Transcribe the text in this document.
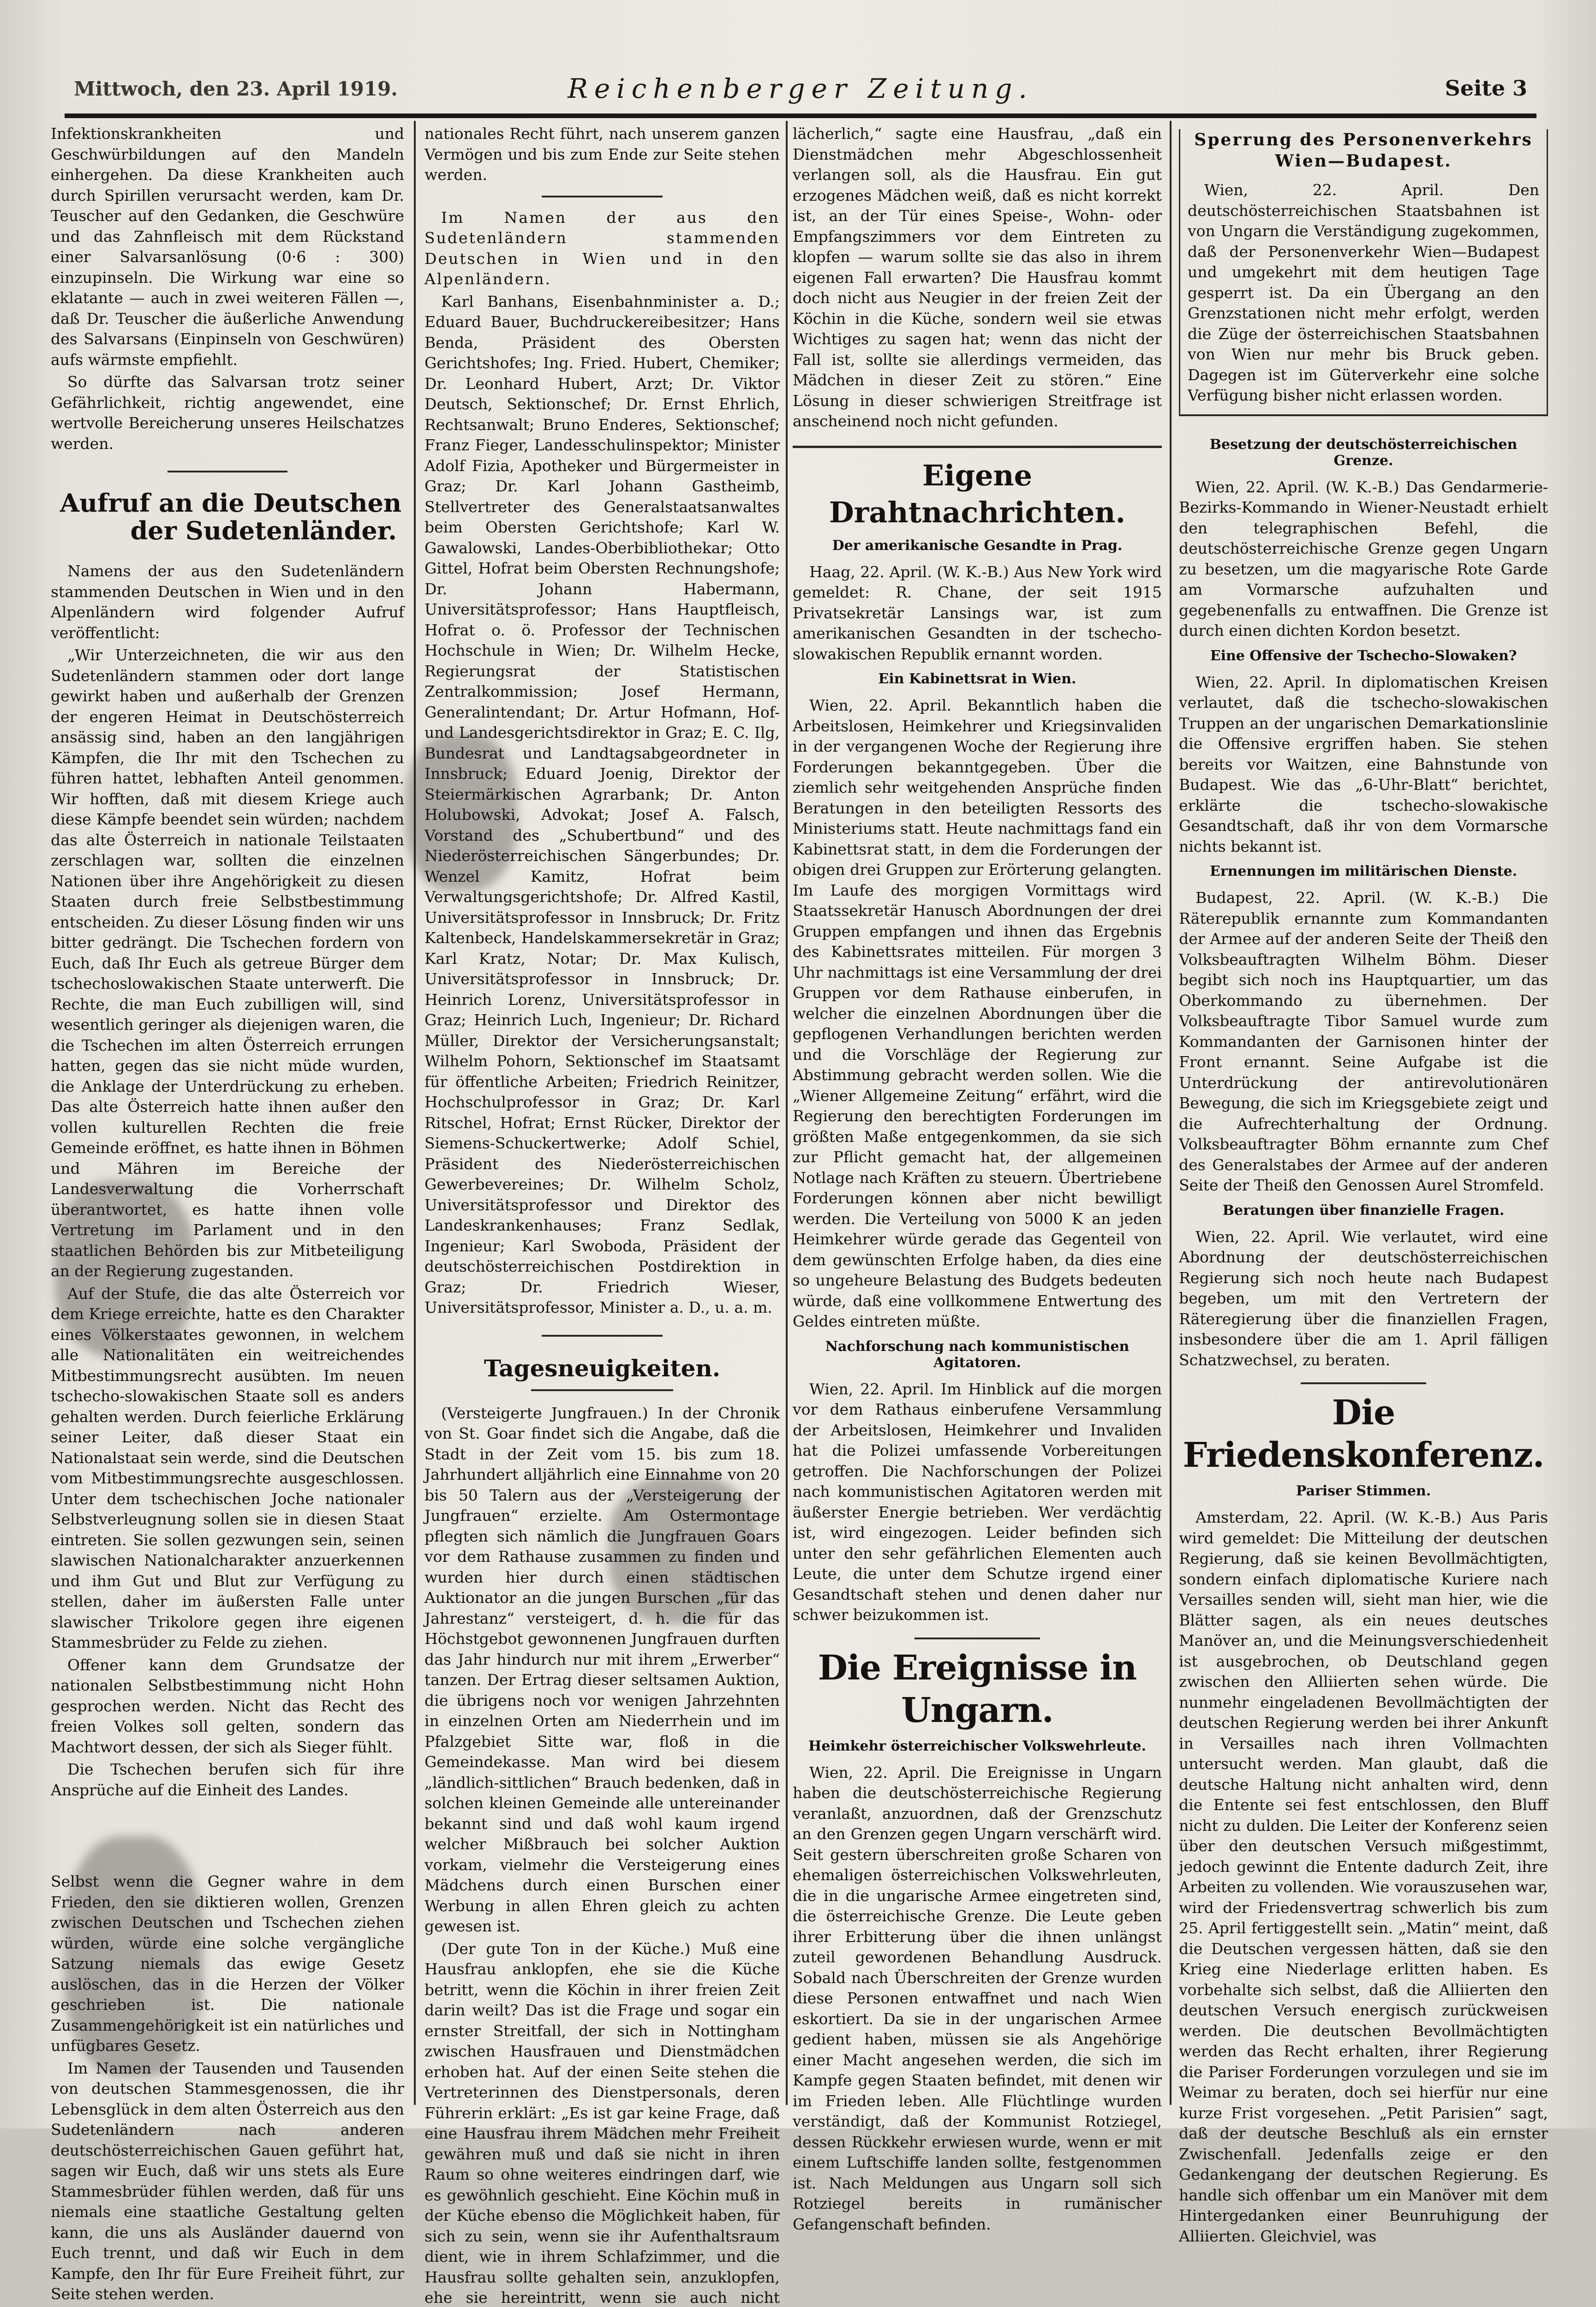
Mittwoch, den 23. April 1919.	Reichenberger Zeitung.	Seite 3

Infektionskrankheiten und Geschwürbildungen auf den Mandeln einhergehen. Da diese Krankheiten auch durch Spirillen verursacht werden, kam Dr. Teuscher auf den Gedanken, die Geschwüre und das Zahnfleisch mit dem Rückstand einer Salvarsanlösung (0·6 : 300) einzupinseln. Die Wirkung war eine so eklatante — auch in zwei weiteren Fällen —, daß Dr. Teuscher die äußerliche Anwendung des Salvarsans (Einpinseln von Geschwüren) aufs wärmste empfiehlt.

So dürfte das Salvarsan trotz seiner Gefährlichkeit, richtig angewendet, eine wertvolle Bereicherung unseres Heilschatzes werden.

Aufruf an die Deutschen
der Sudetenländer.

Namens der aus den Sudetenländern stammenden Deutschen in Wien und in den Alpenländern wird folgender Aufruf veröffentlicht:

„Wir Unterzeichneten, die wir aus den Sudetenländern stammen oder dort lange gewirkt haben und außerhalb der Grenzen der engeren Heimat in Deutschösterreich ansässig sind, haben an den langjährigen Kämpfen, die Ihr mit den Tschechen zu führen hattet, lebhaften Anteil genommen. Wir hofften, daß mit diesem Kriege auch diese Kämpfe beendet sein würden; nachdem das alte Österreich in nationale Teilstaaten zerschlagen war, sollten die einzelnen Nationen über ihre Angehörigkeit zu diesen Staaten durch freie Selbstbestimmung entscheiden. Zu dieser Lösung finden wir uns bitter gedrängt. Die Tschechen fordern von Euch, daß Ihr Euch als getreue Bürger dem tschechoslowakischen Staate unterwerft. Die Rechte, die man Euch zubilligen will, sind wesentlich geringer als diejenigen waren, die die Tschechen im alten Österreich errungen hatten, gegen das sie nicht müde wurden, die Anklage der Unterdrückung zu erheben. Das alte Österreich hatte ihnen außer den vollen kulturellen Rechten die freie Gemeinde eröffnet, es hatte ihnen in Böhmen und Mähren im Bereiche der Landesverwaltung die Vorherrschaft überantwortet, es hatte ihnen volle Vertretung im Parlament und in den staatlichen Behörden bis zur Mitbeteiligung an der Regierung zugestanden.

Auf der Stufe, die das alte Österreich vor dem Kriege erreichte, hatte es den Charakter eines Völkerstaates gewonnen, in welchem alle Nationalitäten ein weitreichendes Mitbestimmungsrecht ausübten. Im neuen tschecho-slowakischen Staate soll es anders gehalten werden. Durch feierliche Erklärung seiner Leiter, daß dieser Staat ein Nationalstaat sein werde, sind die Deutschen vom Mitbestimmungsrechte ausgeschlossen. Unter dem tschechischen Joche nationaler Selbstverleugnung sollen sie in diesen Staat eintreten. Sie sollen gezwungen sein, seinen slawischen Nationalcharakter anzuerkennen und ihm Gut und Blut zur Verfügung zu stellen, daher im äußersten Falle unter slawischer Trikolore gegen ihre eigenen Stammesbrüder zu Felde zu ziehen.

Offener kann dem Grundsatze der nationalen Selbstbestimmung nicht Hohn gesprochen werden. Nicht das Recht des freien Volkes soll gelten, sondern das Machtwort dessen, der sich als Sieger fühlt.

Die Tschechen berufen sich für ihre Ansprüche auf die Einheit des Landes.

Selbst wenn die Gegner wahre in dem Frieden, den sie diktieren wollen, Grenzen zwischen Deutschen und Tschechen ziehen würden, würde eine solche vergängliche Satzung niemals das ewige Gesetz auslöschen, das in die Herzen der Völker geschrieben ist. Die nationale Zusammengehörigkeit ist ein natürliches und unfügbares Gesetz.

Im Namen der Tausenden und Tausenden von deutschen Stammesgenossen, die ihr Lebensglück in dem alten Österreich aus den Sudetenländern nach anderen deutschösterreichischen Gauen geführt hat, sagen wir Euch, daß wir uns stets als Eure Stammesbrüder fühlen werden, daß für uns niemals eine staatliche Gestaltung gelten kann, die uns als Ausländer dauernd von Euch trennt, und daß wir Euch in dem Kampfe, den Ihr für Eure Freiheit führt, zur Seite stehen werden.

nationales Recht führt, nach unserem ganzen Vermögen und bis zum Ende zur Seite stehen werden.

Im Namen der aus den Sudetenländern stammenden Deutschen in Wien und in den Alpenländern.

Karl Banhans, Eisenbahnminister a. D.; Eduard Bauer, Buchdruckereibesitzer; Hans Benda, Präsident des Obersten Gerichtshofes; Ing. Fried. Hubert, Chemiker; Dr. Leonhard Hubert, Arzt; Dr. Viktor Deutsch, Sektionschef; Dr. Ernst Ehrlich, Rechtsanwalt; Bruno Enderes, Sektionschef; Franz Fieger, Landesschulinspektor; Minister Adolf Fizia, Apotheker und Bürgermeister in Graz; Dr. Karl Johann Gastheimb, Stellvertreter des Generalstaatsanwaltes beim Obersten Gerichtshofe; Karl W. Gawalowski, Landes-Oberbibliothekar; Otto Gittel, Hofrat beim Obersten Rechnungshofe; Dr. Johann Habermann, Universitätsprofessor; Hans Hauptfleisch, Hofrat o. ö. Professor der Technischen Hochschule in Wien; Dr. Wilhelm Hecke, Regierungsrat der Statistischen Zentralkommission; Josef Hermann, Generalintendant; Dr. Artur Hofmann, Hof- und Landesgerichtsdirektor in Graz; E. C. Ilg, Bundesrat und Landtagsabgeordneter in Innsbruck; Eduard Joenig, Direktor der Steiermärkischen Agrarbank; Dr. Anton Holubowski, Advokat; Josef A. Falsch, Vorstand des „Schubertbund“ und des Niederösterreichischen Sängerbundes; Dr. Wenzel Kamitz, Hofrat beim Verwaltungsgerichtshofe; Dr. Alfred Kastil, Universitätsprofessor in Innsbruck; Dr. Fritz Kaltenbeck, Handelskammersekretär in Graz; Karl Kratz, Notar; Dr. Max Kulisch, Universitätsprofessor in Innsbruck; Dr. Heinrich Lorenz, Universitätsprofessor in Graz; Heinrich Luch, Ingenieur; Dr. Richard Müller, Direktor der Versicherungsanstalt; Wilhelm Pohorn, Sektionschef im Staatsamt für öffentliche Arbeiten; Friedrich Reinitzer, Hochschulprofessor in Graz; Dr. Karl Ritschel, Hofrat; Ernst Rücker, Direktor der Siemens-Schuckertwerke; Adolf Schiel, Präsident des Niederösterreichischen Gewerbevereines; Dr. Wilhelm Scholz, Universitätsprofessor und Direktor des Landeskrankenhauses; Franz Sedlak, Ingenieur; Karl Swoboda, Präsident der deutschösterreichischen Postdirektion in Graz; Dr. Friedrich Wieser, Universitätsprofessor, Minister a. D., u. a. m.

Tagesneuigkeiten.

(Versteigerte Jungfrauen.) In der Chronik von St. Goar findet sich die Angabe, daß die Stadt in der Zeit vom 15. bis zum 18. Jahrhundert alljährlich eine Einnahme von 20 bis 50 Talern aus der „Versteigerung der Jungfrauen“ erzielte. Am Ostermontage pflegten sich nämlich die Jungfrauen Goars vor dem Rathause zusammen zu finden und wurden hier durch einen städtischen Auktionator an die jungen Burschen „für das Jahrestanz“ versteigert, d. h. die für das Höchstgebot gewonnenen Jungfrauen durften das Jahr hindurch nur mit ihrem „Erwerber“ tanzen. Der Ertrag dieser seltsamen Auktion, die übrigens noch vor wenigen Jahrzehnten in einzelnen Orten am Niederrhein und im Pfalzgebiet Sitte war, floß in die Gemeindekasse. Man wird bei diesem „ländlich-sittlichen“ Brauch bedenken, daß in solchen kleinen Gemeinde alle untereinander bekannt sind und daß wohl kaum irgend welcher Mißbrauch bei solcher Auktion vorkam, vielmehr die Versteigerung eines Mädchens durch einen Burschen einer Werbung in allen Ehren gleich zu achten gewesen ist.

(Der gute Ton in der Küche.) Muß eine Hausfrau anklopfen, ehe sie die Küche betritt, wenn die Köchin in ihrer freien Zeit darin weilt? Das ist die Frage und sogar ein ernster Streitfall, der sich in Nottingham zwischen Hausfrauen und Dienstmädchen erhoben hat. Auf der einen Seite stehen die Vertreterinnen des Dienstpersonals, deren Führerin erklärt: „Es ist gar keine Frage, daß eine Hausfrau ihrem Mädchen mehr Freiheit gewähren muß und daß sie nicht in ihren Raum so ohne weiteres eindringen darf, wie es gewöhnlich geschieht. Eine Köchin muß in der Küche ebenso die Möglichkeit haben, für sich zu sein, wenn sie ihr Aufenthaltsraum dient, wie in ihrem Schlafzimmer, und die Hausfrau sollte gehalten sein, anzuklopfen, ehe sie hereintritt, wenn sie auch nicht

lächerlich,“ sagte eine Hausfrau, „daß ein Dienstmädchen mehr Abgeschlossenheit verlangen soll, als die Hausfrau. Ein gut erzogenes Mädchen weiß, daß es nicht korrekt ist, an der Tür eines Speise-, Wohn- oder Empfangszimmers vor dem Eintreten zu klopfen — warum sollte sie das also in ihrem eigenen Fall erwarten? Die Hausfrau kommt doch nicht aus Neugier in der freien Zeit der Köchin in die Küche, sondern weil sie etwas Wichtiges zu sagen hat; wenn das nicht der Fall ist, sollte sie allerdings vermeiden, das Mädchen in dieser Zeit zu stören.“ Eine Lösung in dieser schwierigen Streitfrage ist anscheinend noch nicht gefunden.

Eigene Drahtnachrichten.
Der amerikanische Gesandte in Prag.

Haag, 22. April. (W. K.-B.) Aus New York wird gemeldet: R. Chane, der seit 1915 Privatsekretär Lansings war, ist zum amerikanischen Gesandten in der tschecho-slowakischen Republik ernannt worden.

Ein Kabinettsrat in Wien.

Wien, 22. April. Bekanntlich haben die Arbeitslosen, Heimkehrer und Kriegsinvaliden in der vergangenen Woche der Regierung ihre Forderungen bekanntgegeben. Über die ziemlich sehr weitgehenden Ansprüche finden Beratungen in den beteiligten Ressorts des Ministeriums statt. Heute nachmittags fand ein Kabinettsrat statt, in dem die Forderungen der obigen drei Gruppen zur Erörterung gelangten. Im Laufe des morgigen Vormittags wird Staatssekretär Hanusch Abordnungen der drei Gruppen empfangen und ihnen das Ergebnis des Kabinettsrates mitteilen. Für morgen 3 Uhr nachmittags ist eine Versammlung der drei Gruppen vor dem Rathause einberufen, in welcher die einzelnen Abordnungen über die gepflogenen Verhandlungen berichten werden und die Vorschläge der Regierung zur Abstimmung gebracht werden sollen. Wie die „Wiener Allgemeine Zeitung“ erfährt, wird die Regierung den berechtigten Forderungen im größten Maße entgegenkommen, da sie sich zur Pflicht gemacht hat, der allgemeinen Notlage nach Kräften zu steuern. Übertriebene Forderungen können aber nicht bewilligt werden. Die Verteilung von 5000 K an jeden Heimkehrer würde gerade das Gegenteil von dem gewünschten Erfolge haben, da dies eine so ungeheure Belastung des Budgets bedeuten würde, daß eine vollkommene Entwertung des Geldes eintreten müßte.

Nachforschung nach kommunistischen Agitatoren.

Wien, 22. April. Im Hinblick auf die morgen vor dem Rathaus einberufene Versammlung der Arbeitslosen, Heimkehrer und Invaliden hat die Polizei umfassende Vorbereitungen getroffen. Die Nachforschungen der Polizei nach kommunistischen Agitatoren werden mit äußerster Energie betrieben. Wer verdächtig ist, wird eingezogen. Leider befinden sich unter den sehr gefährlichen Elementen auch Leute, die unter dem Schutze irgend einer Gesandtschaft stehen und denen daher nur schwer beizukommen ist.

Die Ereignisse in Ungarn.
Heimkehr österreichischer Volkswehrleute.

Wien, 22. April. Die Ereignisse in Ungarn haben die deutschösterreichische Regierung veranlaßt, anzuordnen, daß der Grenzschutz an den Grenzen gegen Ungarn verschärft wird. Seit gestern überschreiten große Scharen von ehemaligen österreichischen Volkswehrleuten, die in die ungarische Armee eingetreten sind, die österreichische Grenze. Die Leute geben ihrer Erbitterung über die ihnen unlängst zuteil gewordenen Behandlung Ausdruck. Sobald nach Überschreiten der Grenze wurden diese Personen entwaffnet und nach Wien eskortiert. Da sie in der ungarischen Armee gedient haben, müssen sie als Angehörige einer Macht angesehen werden, die sich im Kampfe gegen Staaten befindet, mit denen wir im Frieden leben. Alle Flüchtlinge wurden verständigt, daß der Kommunist Rotziegel, dessen Rückkehr erwiesen wurde, wenn er mit einem Luftschiffe landen sollte, festgenommen ist. Nach Meldungen aus Ungarn soll sich Rotziegel bereits in rumänischer Gefangenschaft befinden.

Sperrung des Personenverkehrs Wien—Budapest.

Wien, 22. April. Den deutschösterreichischen Staatsbahnen ist von Ungarn die Verständigung zugekommen, daß der Personenverkehr Wien—Budapest und umgekehrt mit dem heutigen Tage gesperrt ist. Da ein Übergang an den Grenzstationen nicht mehr erfolgt, werden die Züge der österreichischen Staatsbahnen von Wien nur mehr bis Bruck geben. Dagegen ist im Güterverkehr eine solche Verfügung bisher nicht erlassen worden.

Besetzung der deutschösterreichischen Grenze.

Wien, 22. April. (W. K.-B.) Das Gendarmerie-Bezirks-Kommando in Wiener-Neustadt erhielt den telegraphischen Befehl, die deutschösterreichische Grenze gegen Ungarn zu besetzen, um die magyarische Rote Garde am Vormarsche aufzuhalten und gegebenenfalls zu entwaffnen. Die Grenze ist durch einen dichten Kordon besetzt.

Eine Offensive der Tschecho-Slowaken?

Wien, 22. April. In diplomatischen Kreisen verlautet, daß die tschecho-slowakischen Truppen an der ungarischen Demarkationslinie die Offensive ergriffen haben. Sie stehen bereits vor Waitzen, eine Bahnstunde von Budapest. Wie das „6-Uhr-Blatt“ berichtet, erklärte die tschecho-slowakische Gesandtschaft, daß ihr von dem Vormarsche nichts bekannt ist.

Ernennungen im militärischen Dienste.

Budapest, 22. April. (W. K.-B.) Die Räterepublik ernannte zum Kommandanten der Armee auf der anderen Seite der Theiß den Volksbeauftragten Wilhelm Böhm. Dieser begibt sich noch ins Hauptquartier, um das Oberkommando zu übernehmen. Der Volksbeauftragte Tibor Samuel wurde zum Kommandanten der Garnisonen hinter der Front ernannt. Seine Aufgabe ist die Unterdrückung der antirevolutionären Bewegung, die sich im Kriegsgebiete zeigt und die Aufrechterhaltung der Ordnung. Volksbeauftragter Böhm ernannte zum Chef des Generalstabes der Armee auf der anderen Seite der Theiß den Genossen Aurel Stromfeld.

Beratungen über finanzielle Fragen.

Wien, 22. April. Wie verlautet, wird eine Abordnung der deutschösterreichischen Regierung sich noch heute nach Budapest begeben, um mit den Vertretern der Räteregierung über die finanziellen Fragen, insbesondere über die am 1. April fälligen Schatzwechsel, zu beraten.

Die Friedenskonferenz.
Pariser Stimmen.

Amsterdam, 22. April. (W. K.-B.) Aus Paris wird gemeldet: Die Mitteilung der deutschen Regierung, daß sie keinen Bevollmächtigten, sondern einfach diplomatische Kuriere nach Versailles senden will, sieht man hier, wie die Blätter sagen, als ein neues deutsches Manöver an, und die Meinungsverschiedenheit ist ausgebrochen, ob Deutschland gegen zwischen den Alliierten sehen würde. Die nunmehr eingeladenen Bevollmächtigten der deutschen Regierung werden bei ihrer Ankunft in Versailles nach ihren Vollmachten untersucht werden. Man glaubt, daß die deutsche Haltung nicht anhalten wird, denn die Entente sei fest entschlossen, den Bluff nicht zu dulden. Die Leiter der Konferenz seien über den deutschen Versuch mißgestimmt, jedoch gewinnt die Entente dadurch Zeit, ihre Arbeiten zu vollenden. Wie vorauszusehen war, wird der Friedensvertrag schwerlich bis zum 25. April fertiggestellt sein. „Matin“ meint, daß die Deutschen vergessen hätten, daß sie den Krieg eine Niederlage erlitten haben. Es vorbehalte sich selbst, daß die Alliierten den deutschen Versuch energisch zurückweisen werden. Die deutschen Bevollmächtigten werden das Recht erhalten, ihrer Regierung die Pariser Forderungen vorzulegen und sie im Weimar zu beraten, doch sei hierfür nur eine kurze Frist vorgesehen. „Petit Parisien“ sagt, daß der deutsche Beschluß als ein ernster Zwischenfall. Jedenfalls zeige er den Gedankengang der deutschen Regierung. Es handle sich offenbar um ein Manöver mit dem Hintergedanken einer Beunruhigung der Alliierten. Gleichviel, was
